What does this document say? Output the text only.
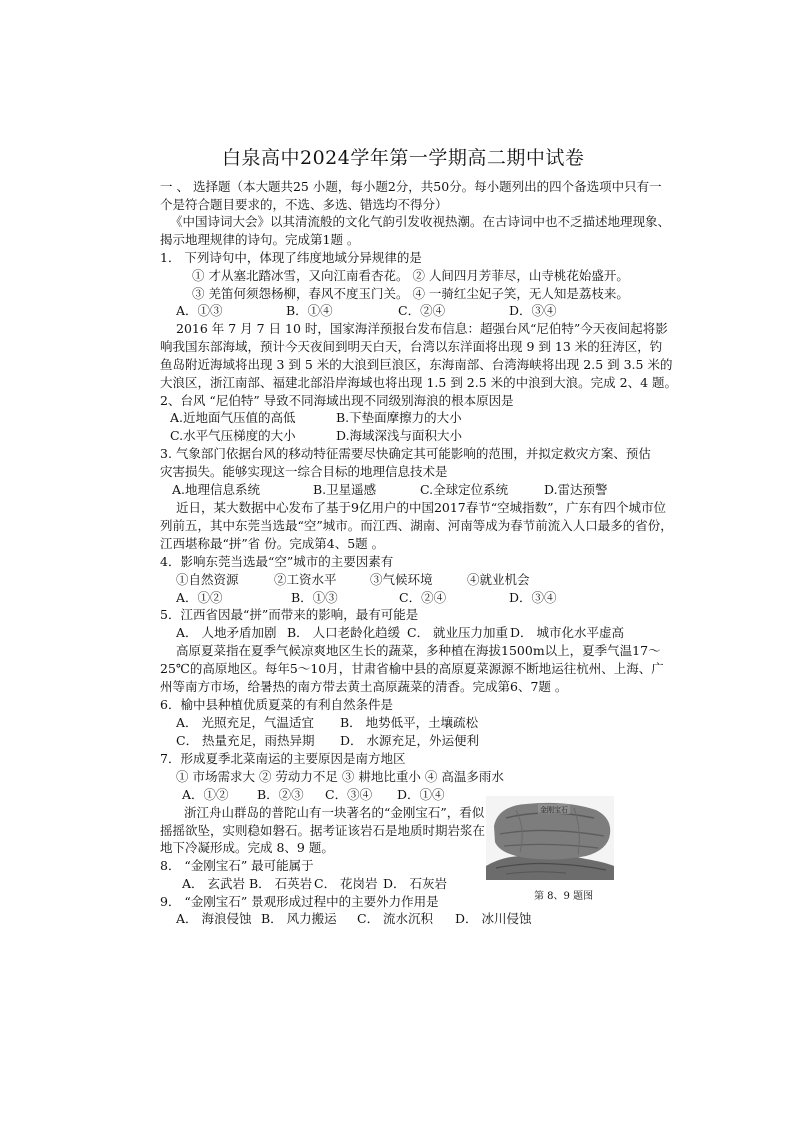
白泉高中2024学年第一学期高二期中试卷
一 、 选择题（本大题共25 小题，每小题2分，共50分。每小题列出的四个备选项中只有一
个是符合题目要求的，不选、多选、错选均不得分）
《中国诗词大会》以其清流般的文化气韵引发收视热潮。在古诗词中也不乏描述地理现象、
揭示地理规律的诗句。完成第1题 。
1． 下列诗句中，体现了纬度地域分异规律的是
① 才从塞北踏冰雪，又向江南看杏花。 ② 人间四月芳菲尽，山寺桃花始盛开。
③ 羌笛何须怨杨柳，春风不度玉门关。 ④ 一骑红尘妃子笑，无人知是荔枝来。
A．①③	B．①④	C．②④	D．③④
2016 年 7 月 7 日 10 时，国家海洋预报台发布信息：超强台风“尼伯特”今天夜间起将影
响我国东部海域，预计今天夜间到明天白天，台湾以东洋面将出现 9 到 13 米的狂涛区，钓
鱼岛附近海域将出现 3 到 5 米的大浪到巨浪区，东海南部、台湾海峡将出现 2.5 到 3.5 米的
大浪区，浙江南部、福建北部沿岸海域也将出现 1.5 到 2.5 米的中浪到大浪。完成 2、4 题。
2、台风 “尼伯特” 导致不同海域出现不同级别海浪的根本原因是
A.近地面气压值的高低	B.下垫面摩擦力的大小
C.水平气压梯度的大小	D.海域深浅与面积大小
3. 气象部门依据台风的移动特征需要尽快确定其可能影响的范围，并拟定救灾方案、预估
灾害损失。能够实现这一综合目标的地理信息技术是
A.地理信息系统	B.卫星遥感	C.全球定位系统	D.雷达预警
近日，某大数据中心发布了基于9亿用户的中国2017春节“空城指数”，广东有四个城市位
列前五，其中东莞当选最“空”城市。而江西、湖南、河南等成为春节前流入人口最多的省份，
江西堪称最“拼”省 份。完成第4、5题 。
4．影响东莞当选最“空”城市的主要因素有
①自然资源	②工资水平	③气候环境	④就业机会
A．①②	B．①③	C．②④	D．③④
5．江西省因最“拼”而带来的影响，最有可能是
A． 人地矛盾加剧 B． 人口老龄化趋缓 C． 就业压力加重 D． 城市化水平虚高
高原夏菜指在夏季气候凉爽地区生长的蔬菜，多种植在海拔1500m以上，夏季气温17～
25℃的高原地区。每年5～10月，甘肃省榆中县的高原夏菜源源不断地运往杭州、上海、广
州等南方市场，给暑热的南方带去黄土高原蔬菜的清香。完成第6、7题 。
6．榆中县种植优质夏菜的有利自然条件是
A． 光照充足，气温适宜 B． 地势低平，土壤疏松
C． 热量充足，雨热异期 D． 水源充足，外运便利
7．形成夏季北菜南运的主要原因是南方地区
① 市场需求大 ② 劳动力不足 ③ 耕地比重小 ④ 高温多雨水
A．①② B．②③ C．③④ D．①④
浙江舟山群岛的普陀山有一块著名的“金刚宝石”，看似
摇摇欲坠，实则稳如磐石。据考证该岩石是地质时期岩浆在
地下冷凝形成。完成 8、9 题。
8． “金刚宝石” 最可能属于
A． 玄武岩 B． 石英岩 C． 花岗岩 D． 石灰岩
9． “金刚宝石” 景观形成过程中的主要外力作用是
A． 海浪侵蚀 B． 风力搬运 C． 流水沉积 D． 冰川侵蚀
金刚宝石
第 8、9 题图
